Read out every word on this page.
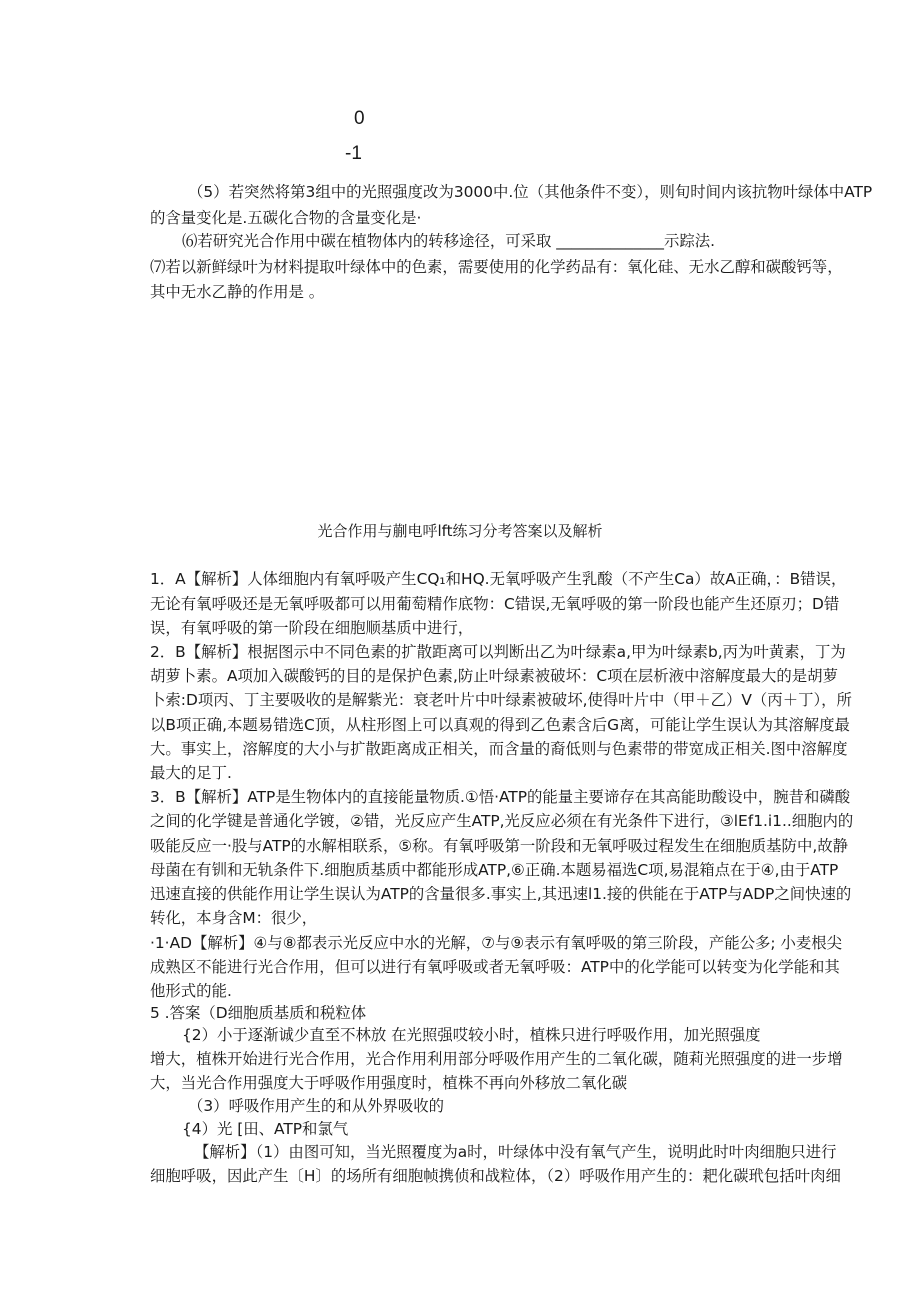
0
-1
（5）若突然将第3组中的光照强度改为3000中.位（其他条件不变），则旬时间内该抗物叶绿体中ATP
的含量变化是.五碳化合物的含量变化是·
⑹若研究光合作用中碳在植物体内的转移途径，可采取 ______________示踪法.
⑺若以新鲜绿叶为材料提取叶绿体中的色素，需要使用的化学药品有：氧化硅、无水乙醇和碳酸钙等，
其中无水乙静的作用是 。
光合作用与蒯电呼lft练习分考答案以及解析
1．A【解析】人体细胞内有氧呼吸产生CQ₁和HQ.无氧呼吸产生乳酸（不产生Ca）故A正确，：B错误，
无论有氧呼吸还是无氧呼吸都可以用葡萄精作底物：C错误,无氧呼吸的第一阶段也能产生还原刃；D错
误，有氧呼吸的第一阶段在细胞顺基质中进行，
2．B【解析】根据图示中不同色素的扩散距离可以判断出乙为叶绿素a,甲为叶绿素b,丙为叶黄素，丁为
胡萝卜素。A项加入碳酸钙的目的是保护色素,防止叶绿素被破坏：C项在层析液中溶解度最大的是胡萝
卜索:D项丙、丁主要吸收的是解紫光：衰老叶片中叶绿素被破坏,使得叶片中（甲＋乙）V（丙＋丁），所
以B项正确,本题易错选C顶，从柱形图上可以真观的得到乙色素含后G离，可能让学生误认为其溶解度最
大。事实上，溶解度的大小与扩散距离成正相关，而含量的裔低则与色素带的带宽成正相关.图中溶解度
最大的足丁.
3．B【解析】ATP是生物体内的直接能量物质.①悟·ATP的能量主要谛存在其高能助酸设中，腕昔和磷酸
之间的化学键是普通化学镀，②错，光反应产生ATP,光反应必须在有光条件下进行，③lEf1.i1..细胞内的
吸能反应一·股与ATP的水解相联系，⑤称。有氧呼吸第一阶段和无氧呼吸过程发生在细胞质基防中,故静
母菌在有钏和无轨条件下.细胞质基质中都能形成ATP,⑥正确.本题易福选C项,易混箱点在于④,由于ATP
迅速直接的供能作用让学生误认为ATP的含量很多.事实上,其迅速l1.接的供能在于ATP与ADP之间快速的
转化，本身含M：很少，
·1·AD【解析】④与⑧都表示光反应中水的光解，⑦与⑨表示有氧呼吸的第三阶段，产能公多; 小麦根尖
成熟区不能进行光合作用，但可以进行有氧呼吸或者无氧呼吸：ATP中的化学能可以转变为化学能和其
他形式的能.
5 .答案（D细胞质基质和税粒体
{2）小于逐渐诚少直至不林放 在光照强哎较小时，植株只进行呼吸作用，加光照强度
增大，植株开始进行光合作用，光合作用利用部分呼吸作用产生的二氧化碳，随莉光照强度的进一步增
大，当光合作用强度大于呼吸作用强度时，植株不再向外移放二氧化碳
（3）呼吸作用产生的和从外界吸收的
{4）光 [田、ATP和氯气
【解析】（1）由图可知，当光照覆度为a时，叶绿体中没有氧气产生，说明此时叶肉细胞只进行
细胞呼吸，因此产生〔H〕的场所有细胞帧携侦和战粒体，（2）呼吸作用产生的：耙化碳玳包括叶肉细
